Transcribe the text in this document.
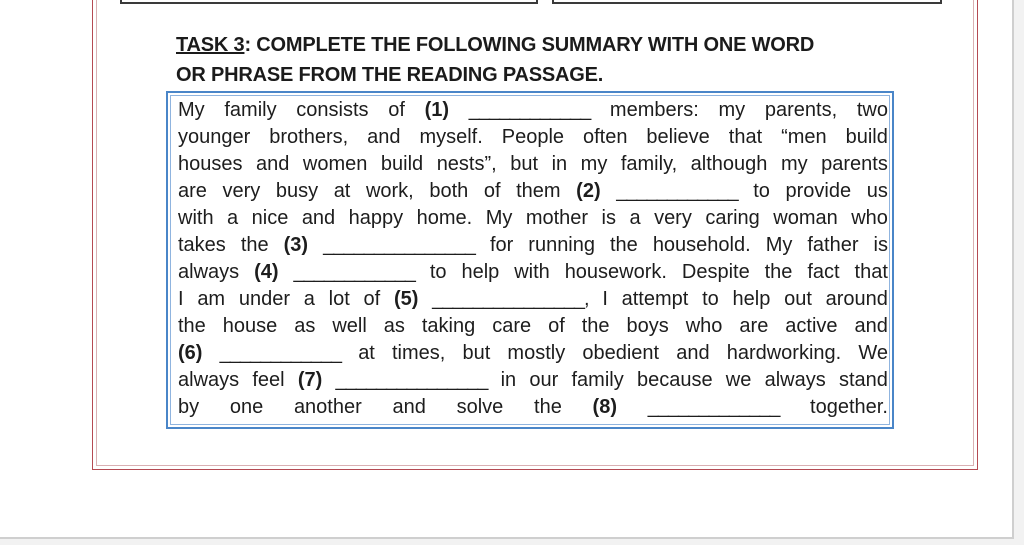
TASK 3: COMPLETE THE FOLLOWING SUMMARY WITH ONE WORD
OR PHRASE FROM THE READING PASSAGE.
My family consists of (1) ____________ members: my parents, two
younger brothers, and myself. People often believe that “men build
houses and women build nests”, but in my family, although my parents
are very busy at work, both of them (2) ____________ to provide us
with a nice and happy home. My mother is a very caring woman who
takes the (3) _______________ for running the household. My father is
always (4) ____________ to help with housework. Despite the fact that
I am under a lot of (5) _______________, I attempt to help out around
the house as well as taking care of the boys who are active and
(6) ____________ at times, but mostly obedient and hardworking. We
always feel (7) _______________ in our family because we always stand
by one another and solve the (8) _____________ together.
